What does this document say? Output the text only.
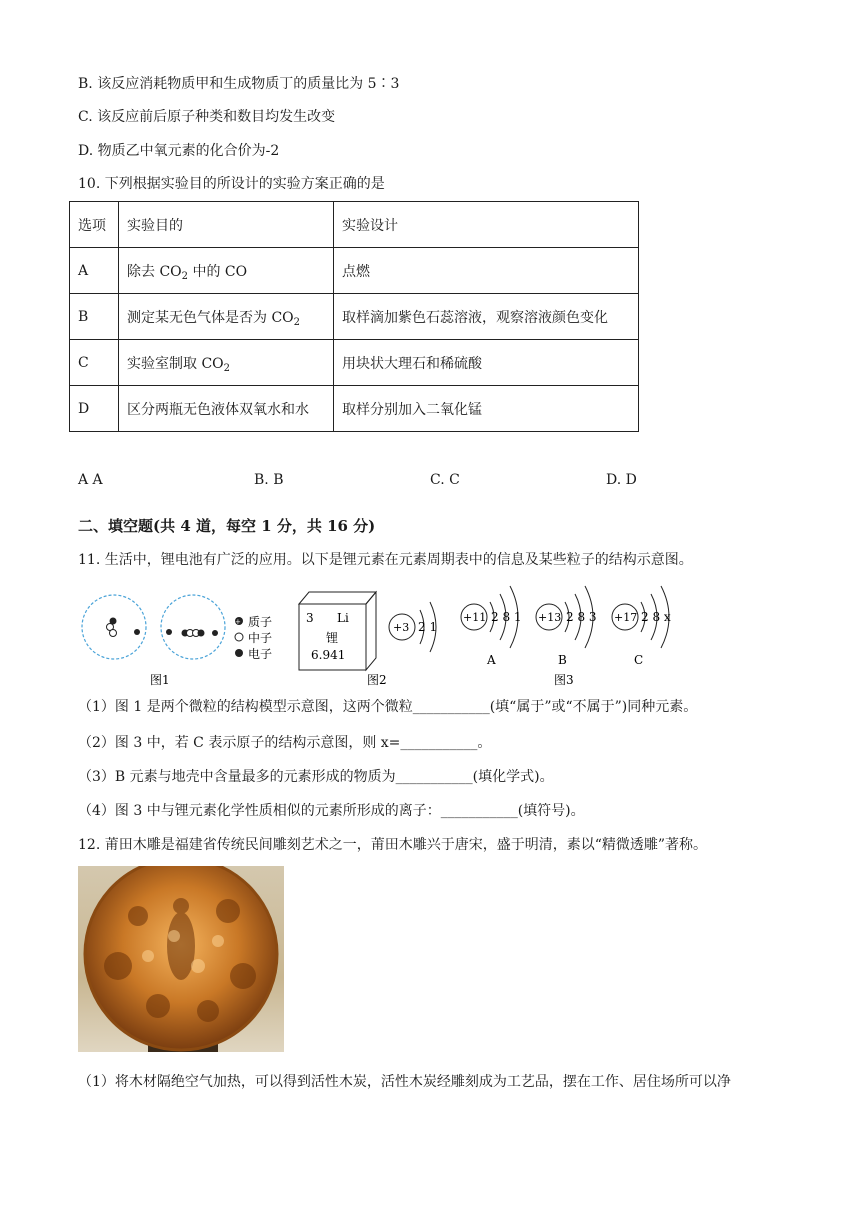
B. 该反应消耗物质甲和生成物质丁的质量比为 5∶3
C. 该反应前后原子种类和数目均发生改变
D. 物质乙中氧元素的化合价为-2
10. 下列根据实验目的所设计的实验方案正确的是
选项	实验目的	实验设计
A	除去 $CO_2$ 中的 CO	点燃
B	测定某无色气体是否为 $CO_2$	取样滴加紫色石蕊溶液，观察溶液颜色变化
C	实验室制取 $CO_2$	用块状大理石和稀硫酸
D	区分两瓶无色液体双氧水和水	取样分别加入二氧化锰
A A	B. B	C. C	D. D
二、填空题(共 4 道，每空 1 分，共 16 分)
11. 生活中，锂电池有广泛的应用。以下是锂元素在元素周期表中的信息及某些粒子的结构示意图。
+ 质子
中子
电子
图1
3 Li
锂
6.941
图2
+3 2 1
+11 2 8 1
A
+13 2 8 3
B
+17 2 8 x
C
图3
（1）图 1 是两个微粒的结构模型示意图，这两个微粒___________(填“属于”或“不属于”)同种元素。
（2）图 3 中，若 C 表示原子的结构示意图，则 x=___________。
（3）B 元素与地壳中含量最多的元素形成的物质为___________(填化学式)。
（4）图 3 中与锂元素化学性质相似的元素所形成的离子：___________(填符号)。
12. 莆田木雕是福建省传统民间雕刻艺术之一，莆田木雕兴于唐宋，盛于明清，素以“精微透雕”著称。
（1）将木材隔绝空气加热，可以得到活性木炭，活性木炭经雕刻成为工艺品，摆在工作、居住场所可以净
